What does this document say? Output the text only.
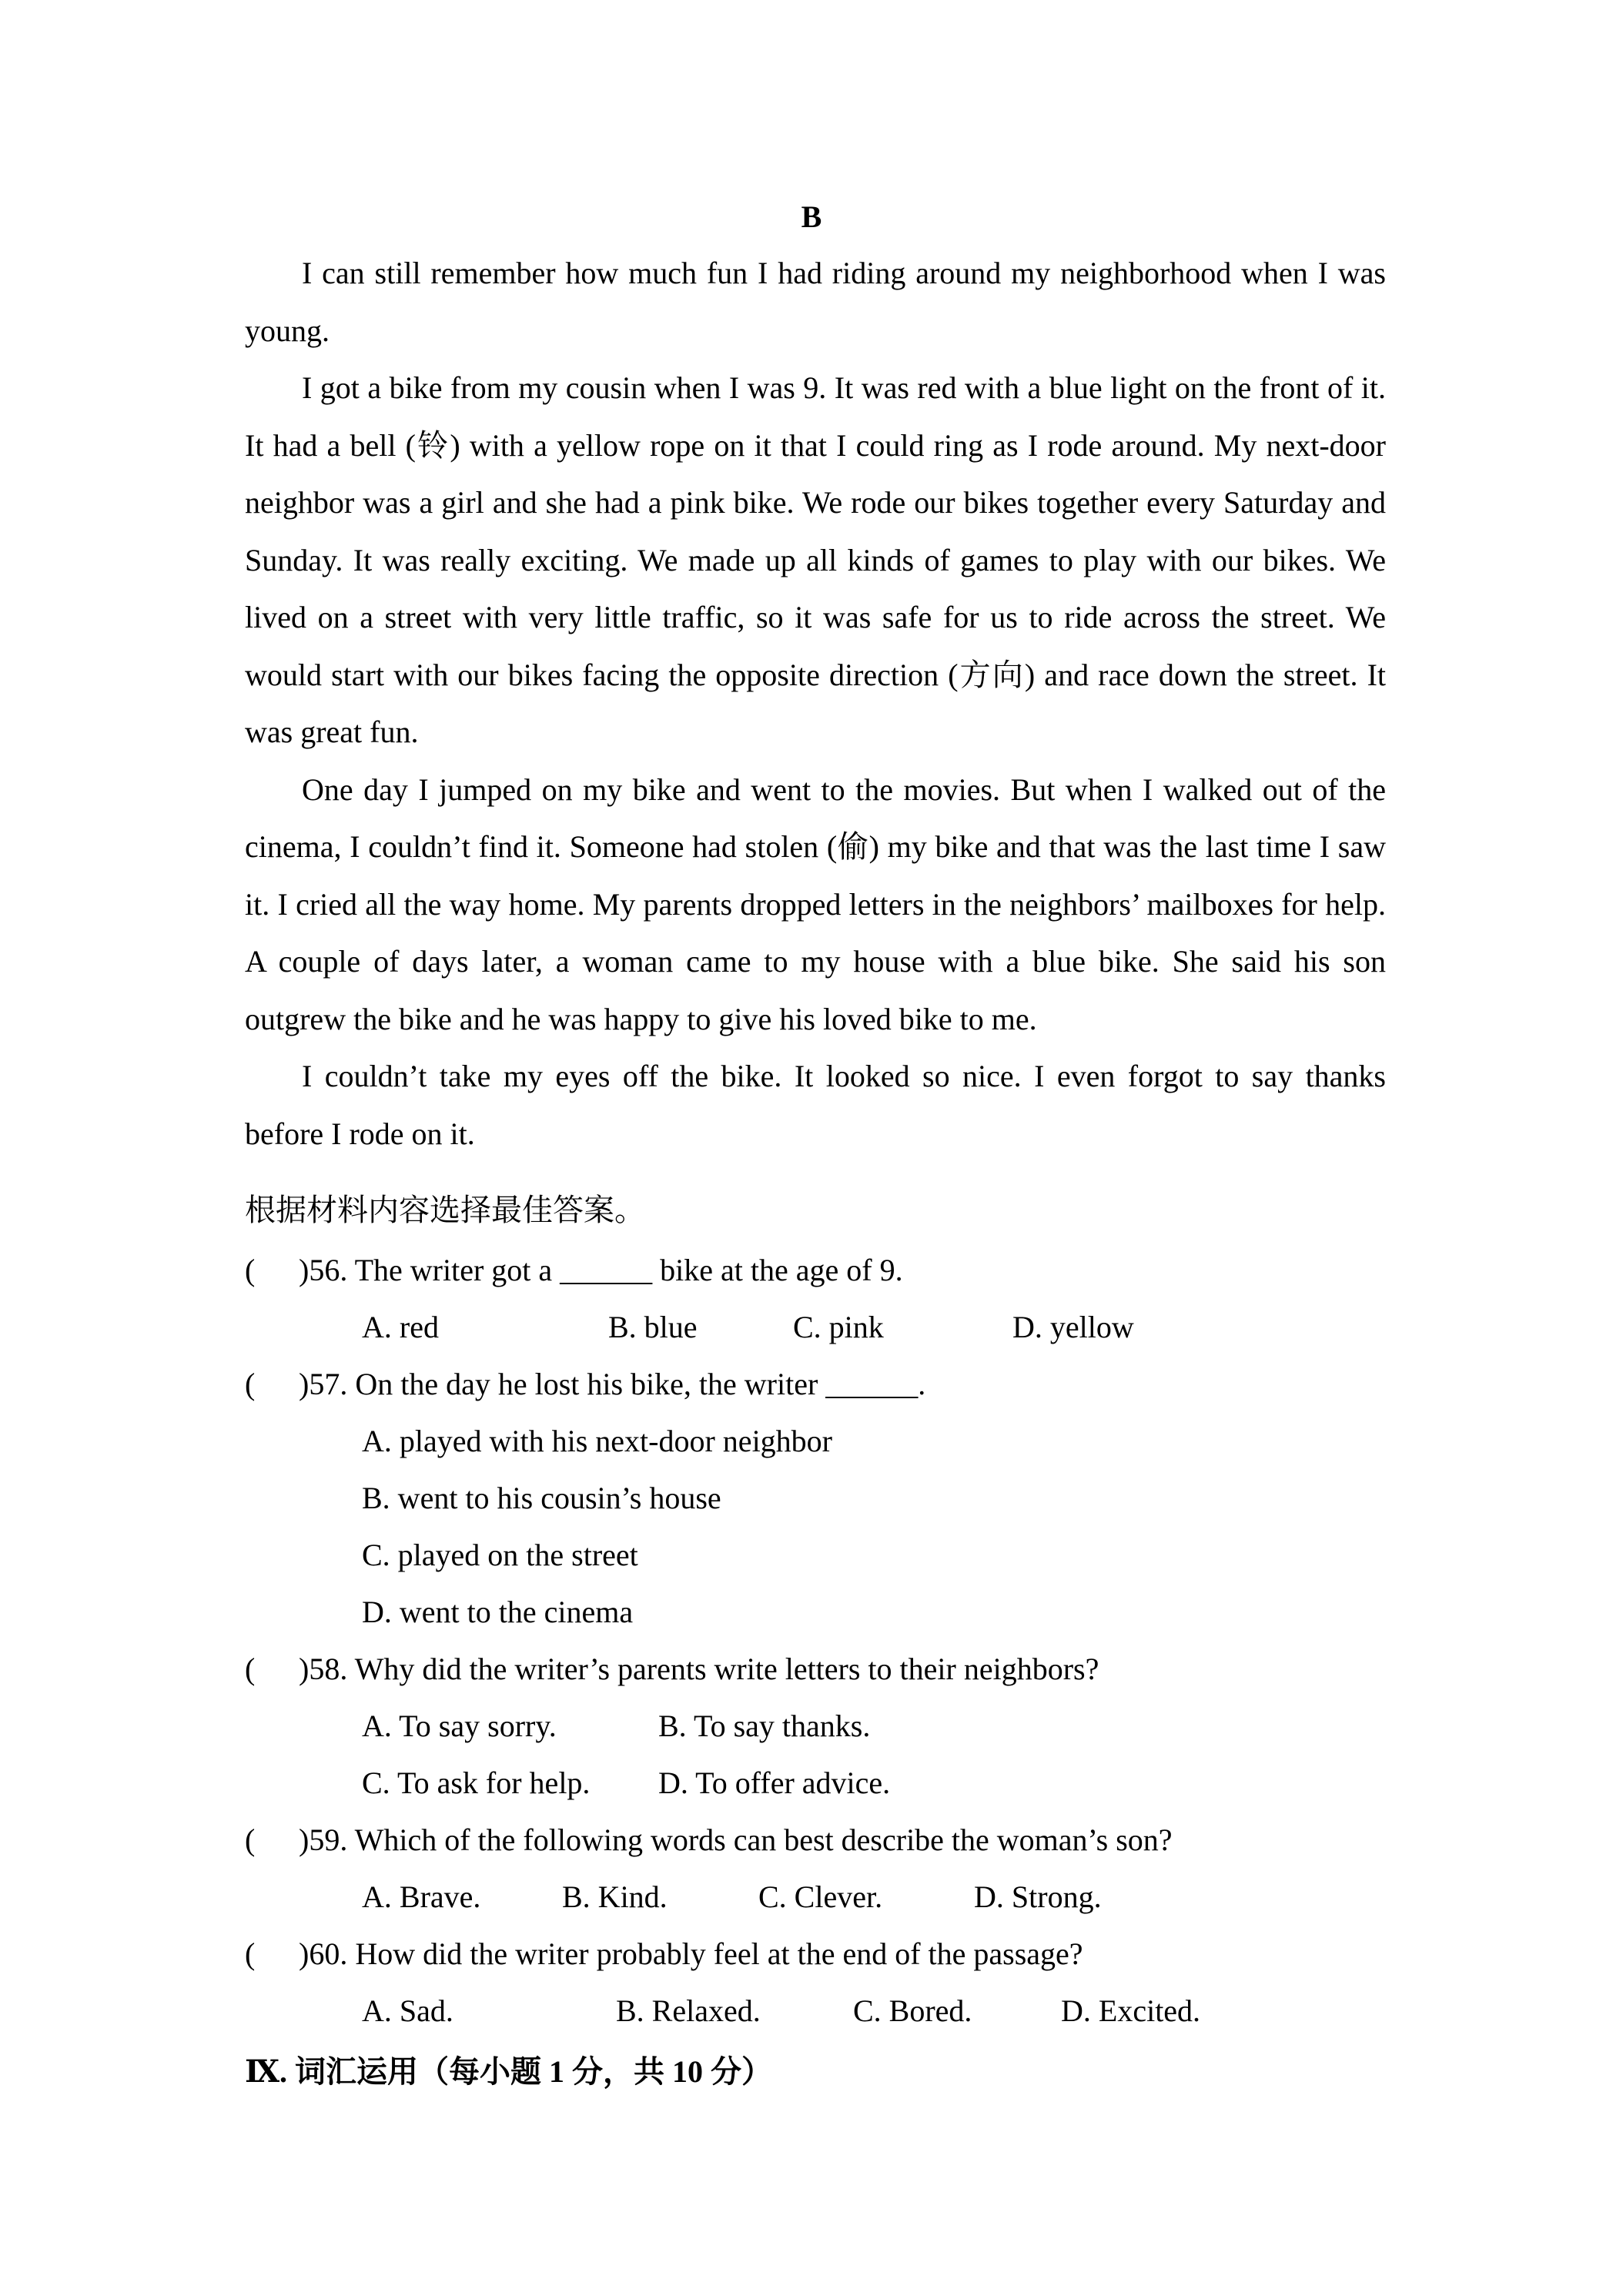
B

I can still remember how much fun I had riding around my neighborhood when I was young.

I got a bike from my cousin when I was 9. It was red with a blue light on the front of it. It had a bell (铃) with a yellow rope on it that I could ring as I rode around. My next-door neighbor was a girl and she had a pink bike. We rode our bikes together every Saturday and Sunday. It was really exciting. We made up all kinds of games to play with our bikes. We lived on a street with very little traffic, so it was safe for us to ride across the street. We would start with our bikes facing the opposite direction (方向) and race down the street. It was great fun.

One day I jumped on my bike and went to the movies. But when I walked out of the cinema, I couldn’t find it. Someone had stolen (偷) my bike and that was the last time I saw it. I cried all the way home. My parents dropped letters in the neighbors’ mailboxes for help. A couple of days later, a woman came to my house with a blue bike. She said his son outgrew the bike and he was happy to give his loved bike to me.

I couldn’t take my eyes off the bike. It looked so nice. I even forgot to say thanks before I rode on it.

根据材料内容选择最佳答案。
( )56. The writer got a ______ bike at the age of 9.
A. red	B. blue	C. pink	D. yellow
( )57. On the day he lost his bike, the writer ______.
A. played with his next-door neighbor
B. went to his cousin’s house
C. played on the street
D. went to the cinema
( )58. Why did the writer’s parents write letters to their neighbors?
A. To say sorry.	B. To say thanks.
C. To ask for help. D. To offer advice.
( )59. Which of the following words can best describe the woman’s son?
A. Brave.	B. Kind.	C. Clever.	D. Strong.
( )60. How did the writer probably feel at the end of the passage?
A. Sad.	B. Relaxed.	C. Bored.	D. Excited.
Ⅸ. 词汇运用（每小题 1 分，共 10 分）
